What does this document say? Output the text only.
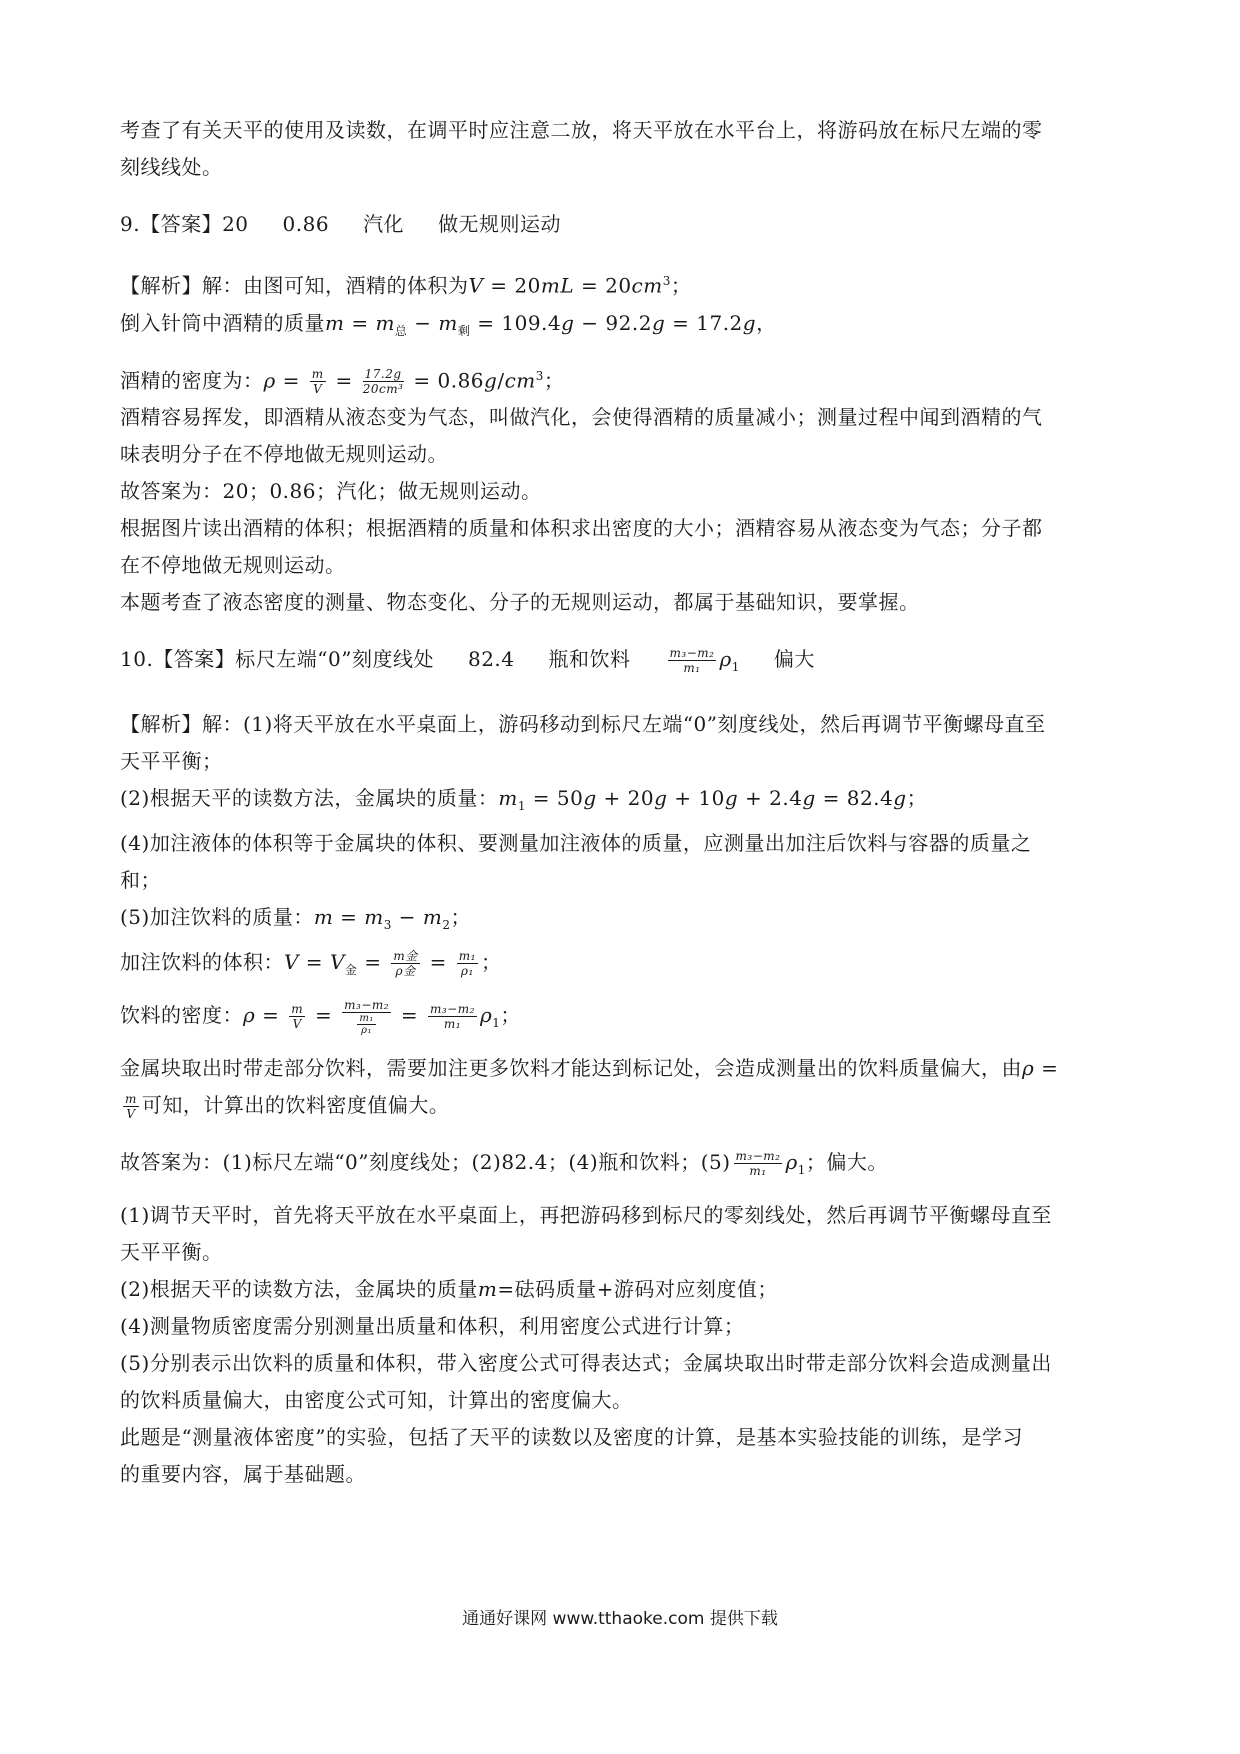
考查了有关天平的使用及读数，在调平时应注意二放，将天平放在水平台上，将游码放在标尺左端的零

刻线线处。

9.【答案】20 0.86 汽化 做无规则运动

【解析】解：由图可知，酒精的体积为$V = 20mL = 20cm^3$；

倒入针筒中酒精的质量$m = m_总 - m_剩 = 109.4g - 92.2g = 17.2g$，

酒精的密度为：$\rho = \frac{m}{V} = \frac{17.2g}{\text{20cm³}} = 0.86g/cm^3$；

酒精容易挥发，即酒精从液态变为气态，叫做汽化，会使得酒精的质量减小；测量过程中闻到酒精的气

味表明分子在不停地做无规则运动。

故答案为：20；0.86；汽化；做无规则运动。

根据图片读出酒精的体积；根据酒精的质量和体积求出密度的大小；酒精容易从液态变为气态；分子都

在不停地做无规则运动。

本题考查了液态密度的测量、物态变化、分子的无规则运动，都属于基础知识，要掌握。

10.【答案】标尺左端“0”刻度线处 82.4 瓶和饮料	$\frac{\text{m₃−m₂}}{\text{m₁}} \rho_1$ 偏大

【解析】解：(1)将天平放在水平桌面上，游码移动到标尺左端“0”刻度线处，然后再调节平衡螺母直至

天平平衡；

(2)根据天平的读数方法，金属块的质量：$m_1 = 50g + 20g + 10g + 2.4g = 82.4g$；

(4)加注液体的体积等于金属块的体积、要测量加注液体的质量，应测量出加注后饮料与容器的质量之

和；

(5)加注饮料的质量：$m = m_3 - m_2$；

加注饮料的体积：$V = V_金 = \frac{\text{m金}}{\text{ρ金}} = \frac{\text{m₁}}{\text{ρ₁}}$ ；

饮料的密度：$\rho = \frac{m}{V} = \frac{\text{m₃−m₂}}{\frac{\text{m₁}}{\text{ρ₁}}} = \frac{\text{m₃−m₂}}{\text{m₁}} \rho_1$；

金属块取出时带走部分饮料，需要加注更多饮料才能达到标记处，会造成测量出的饮料质量偏大，由ρ =

$\frac{m}{V}$ 可知，计算出的饮料密度值偏大。

故答案为：(1)标尺左端“0”刻度线处；(2)82.4；(4)瓶和饮料；$(5) \frac{\text{m₃−m₂}}{\text{m₁}} \rho_1$；偏大。

(1)调节天平时，首先将天平放在水平桌面上，再把游码移到标尺的零刻线处，然后再调节平衡螺母直至

天平平衡。

(2)根据天平的读数方法，金属块的质量m=砝码质量+游码对应刻度值；

(4)测量物质密度需分别测量出质量和体积，利用密度公式进行计算；

(5)分别表示出饮料的质量和体积，带入密度公式可得表达式；金属块取出时带走部分饮料会造成测量出

的饮料质量偏大，由密度公式可知，计算出的密度偏大。

此题是“测量液体密度”的实验，包括了天平的读数以及密度的计算，是基本实验技能的训练，是学习

的重要内容，属于基础题。

通通好课网 www.tthaoke.com 提供下载
